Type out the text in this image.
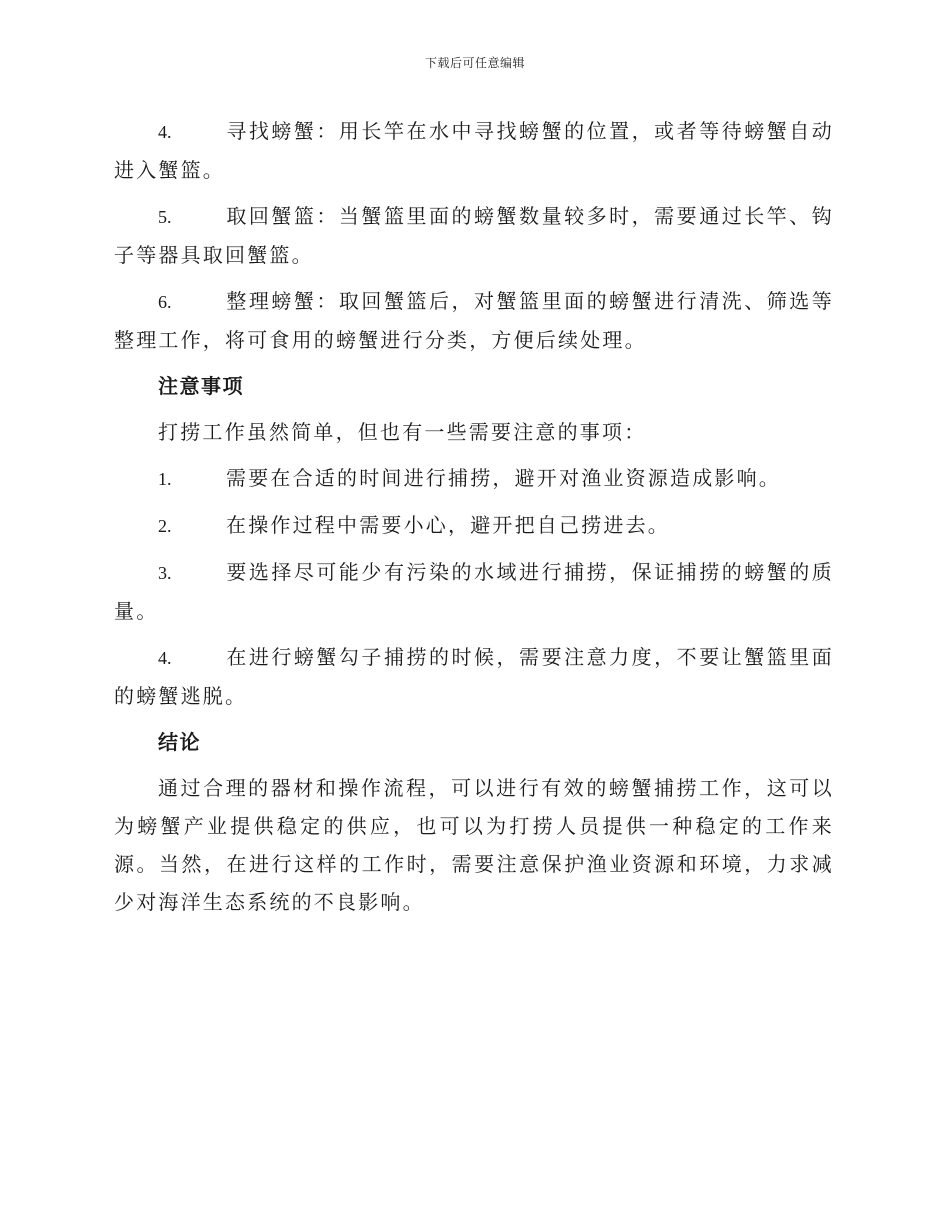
下载后可任意编辑
4.	寻找螃蟹：用长竿在水中寻找螃蟹的位置，或者等待螃蟹自动进入蟹篮。
5.	取回蟹篮：当蟹篮里面的螃蟹数量较多时，需要通过长竿、钩子等器具取回蟹篮。
6.	整理螃蟹：取回蟹篮后，对蟹篮里面的螃蟹进行清洗、筛选等整理工作，将可食用的螃蟹进行分类，方便后续处理。
注意事项
打捞工作虽然简单，但也有一些需要注意的事项：
1.	需要在合适的时间进行捕捞，避开对渔业资源造成影响。
2.	在操作过程中需要小心，避开把自己捞进去。
3.	要选择尽可能少有污染的水域进行捕捞，保证捕捞的螃蟹的质量。
4.	在进行螃蟹勾子捕捞的时候，需要注意力度，不要让蟹篮里面的螃蟹逃脱。
结论
通过合理的器材和操作流程，可以进行有效的螃蟹捕捞工作，这可以为螃蟹产业提供稳定的供应，也可以为打捞人员提供一种稳定的工作来源。当然，在进行这样的工作时，需要注意保护渔业资源和环境，力求减少对海洋生态系统的不良影响。
